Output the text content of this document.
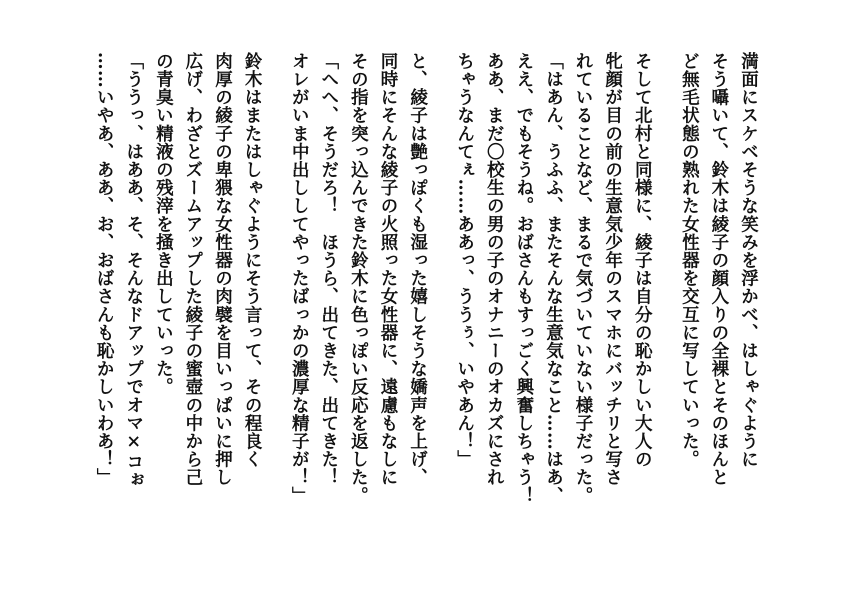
満面にスケベそうな笑みを浮かべ、はしゃぐように
そう囁いて、鈴木は綾子の顔入りの全裸とそのほんと
ど無毛状態の熟れた女性器を交互に写していった。
そして北村と同様に、綾子は自分の恥かしい大人の
牝顔が目の前の生意気少年のスマホにバッチリと写さ
れていることなど、まるで気づいていない様子だった。
「はあん、うふふ、またそんな生意気なこと……はあ、
ええ、でもそうね。おばさんもすっごく興奮しちゃう！
ああ、まだ〇校生の男の子のオナニーのオカズにされ
ちゃうなんてぇ……ああっ、ううぅ、いやあん！」
と、綾子は艶っぽくも湿った嬉しそうな嬌声を上げ、
同時にそんな綾子の火照った女性器に、遠慮もなしに
その指を突っ込んできた鈴木に色っぽい反応を返した。
「へへ、そうだろ！　ほうら、出てきた、出てきた！
オレがいま中出ししてやったばっかの濃厚な精子が！」
鈴木はまたはしゃぐようにそう言って、その程良く
肉厚の綾子の卑猥な女性器の肉襞を目いっぱいに押し
広げ、わざとズームアップした綾子の蜜壺の中から己
の青臭い精液の残滓を掻き出していった。
「ううっ、はああ、そ、そんなドアップでオマ×コぉ
……いやあ、ああ、お、おばさんも恥かしいわあ！」
